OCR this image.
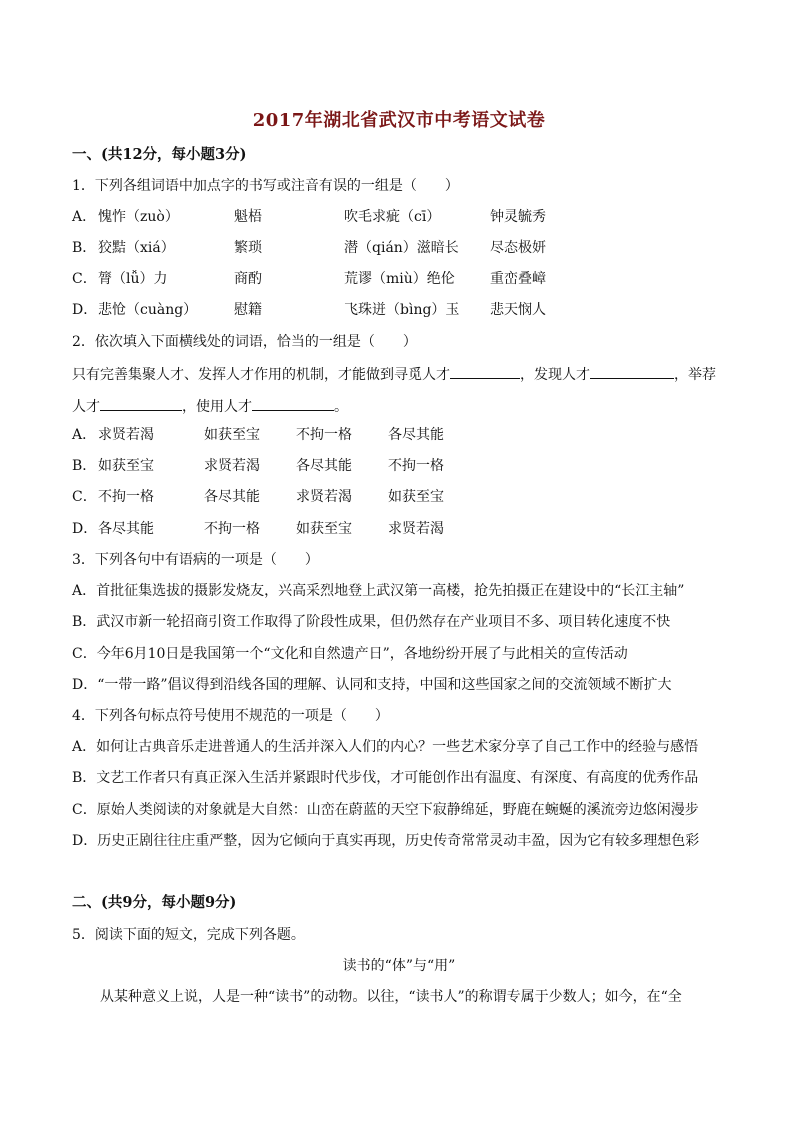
2017年湖北省武汉市中考语文试卷
一、(共12分，每小题3分)
1．下列各组词语中加点字的书写或注音有误的一组是（　　）
A． 愧怍（zuò）	魁梧	吹毛求疵（cī）	钟灵毓秀
B． 狡黠（xiá）	繁琐	潜（qián）滋暗长	尽态极妍
C． 膂（lǚ）力	商酌	荒谬（miù）绝伦	重峦叠嶂
D． 悲怆（cuàng）	慰籍	飞珠迸（bìng）玉	悲天悯人
2．依次填入下面横线处的词语，恰当的一组是（　　）
只有完善集聚人才、发挥人才作用的机制，才能做到寻觅人才	，发现人才	，举荐
人才	，使用人才	。
A． 求贤若渴	如获至宝	不拘一格	各尽其能
B． 如获至宝	求贤若渴	各尽其能	不拘一格
C． 不拘一格	各尽其能	求贤若渴	如获至宝
D． 各尽其能	不拘一格	如获至宝	求贤若渴
3．下列各句中有语病的一项是（　　）
A．首批征集选拔的摄影发烧友，兴高采烈地登上武汉第一高楼，抢先拍摄正在建设中的“长江主轴”
B．武汉市新一轮招商引资工作取得了阶段性成果，但仍然存在产业项目不多、项目转化速度不快
C．今年6月10日是我国第一个“文化和自然遗产日”，各地纷纷开展了与此相关的宣传活动
D．“一带一路”倡议得到沿线各国的理解、认同和支持，中国和这些国家之间的交流领域不断扩大
4．下列各句标点符号使用不规范的一项是（　　）
A．如何让古典音乐走进普通人的生活并深入人们的内心？一些艺术家分享了自己工作中的经验与感悟
B．文艺工作者只有真正深入生活并紧跟时代步伐，才可能创作出有温度、有深度、有高度的优秀作品
C．原始人类阅读的对象就是大自然：山峦在蔚蓝的天空下寂静绵延，野鹿在蜿蜒的溪流旁边悠闲漫步
D．历史正剧往往庄重严整，因为它倾向于真实再现，历史传奇常常灵动丰盈，因为它有较多理想色彩
二、(共9分，每小题9分)
5．阅读下面的短文，完成下列各题。
读书的“体”与“用”
从某种意义上说，人是一种“读书”的动物。以往，“读书人”的称谓专属于少数人；如今，在“全
